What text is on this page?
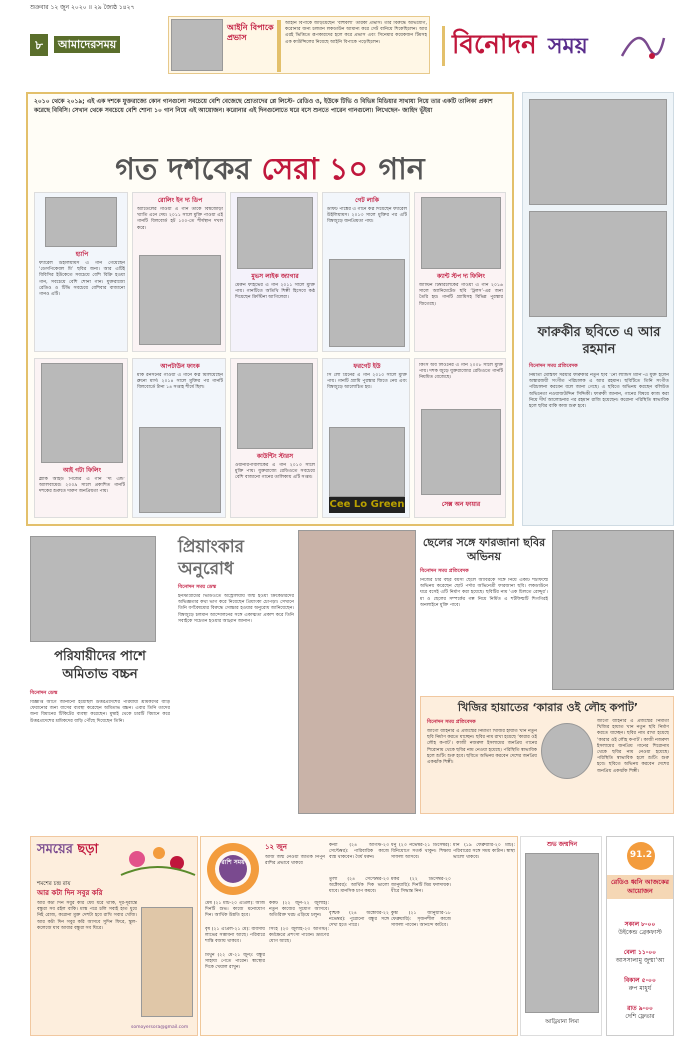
শুক্রবার ১২ জুন ২০২০ ॥ ২৯ জ্যৈষ্ঠ ১৪২৭
৮	আমাদেরসময়
আইনি বিপাকে প্রভাস
আইনি বিপাকে জড়িয়েছেন ‘বাহুবলী’ তারকা প্রভাস। তার বিরুদ্ধে অভিযোগ, করোনার জন্য চলমান লকডাউন আমান্য করে সেট বানিয়ে শিকেছিলেন। আর এরই ভিত্তিতে রূপকারদের হলে করে প্রভাস এবং সিনেমার কয়েকজন টিমসহ এক কাউন্সিলের নিয়েছে আইনি বিপাকে পড়েছিলেন।	বিনোদন সময়
২০১০ থেকে ২০১৯; এই এক দশকে যুক্তরাজ্যে কোন গানগুলো সবচেয়ে বেশি বেজেছে শ্রোতাদের প্লে লিস্টে- রেডিও ও, ইউকে টিভি ও বিভিন্ন মিডিয়ার সাথায্য নিয়ে তার একটি তালিকা প্রকাশ করেছে বিবিসি। সেখান থেকে সবচেয়ে বেশি শোনা ১০ গান নিয়ে এই আয়োজন। করোনার এই দিনগুলোতে ঘরে বসে শুনতে পারেন গানগুলো। লিখেছেন- জাহিদ ভূঁইয়া
গত দশকের সেরা ১০ গান
হ্যাপি
ফ্যারেল উইলিয়ামস এ গান গেয়েছেন ‘ডেসপিকেবল মি’ ছবির জন্য। আর এটিই বিবিসির ইউকেতে সবচেয়ে বেশি বিক্রি হওয়া গান, সবচেয়ে বেশি শোনা গান। যুক্তরাজ্যে রেডিও ও টিভি সবচেয়ে বেশিবার বাজানো গানও এটি।
রোলিং ইন দ্য ডিপ
অ্যাডেলের গাওয়া এ গান তাকে বিশ্বজোড়া খ্যাতি এনে দেয়। ২০১১ সালে মুক্তি পাওয়া এই গানটি বিলবোর্ড হট ১০০-তে শীর্ষস্থান দখল করে।
মুভস লাইক জ্যাগার
মেরুন ফাইভের এ গান ২০১১ সালে মুক্তি পায়। গানটিতে অতিথি শিল্পী হিসেবে কণ্ঠ দিয়েছেন ক্রিস্টিনা আগিলেরা।
গেট লাকি
ডাফট পাঙ্কের এ গানে কণ্ঠ দিয়েছেন ফ্যারেল উইলিয়ামস। ২০১৩ সালে মুক্তির পর এটি বিশ্বজুড়ে জনপ্রিয়তা পায়।
ক্যান্ট স্টপ দ্য ফিলিং
জাস্টিন টিম্বারলেকের গাওয়া এ গান ২০১৬ সালে অ্যানিমেটেড ছবি ‘ট্রলস’-এর জন্য তৈরি হয়। গানটি গ্র্যামিসহ বিভিন্ন পুরস্কার জিতেছে।
আই গটা ফিলিং
ব্ল্যাক আইড পিজের এ গান ‘দ্য এন্ড’ অ্যালবামের। ২০০৯ সালে প্রকাশিত গানটি দশকের শুরুতে দারুণ জনপ্রিয়তা পায়।
আপটাউন ফাংক
মার্ক রনসনের গাওয়া এ গানে কণ্ঠ মিলিয়েছেন ব্রুনো মার্স। ২০১৪ সালে মুক্তির পর গানটি বিলবোর্ডে টানা ১৪ সপ্তাহ শীর্ষে ছিল।
কাউন্টিং স্টারস
ওয়ানরিপাবলিকের এ গান ২০১৩ সালে মুক্তি পায়। যুক্তরাজ্যে রেডিওতে সবচেয়ে বেশি বাজানো গানের তালিকায় এটি সপ্তম।
ফরগেট ইউ
সি লো গ্রিনের এ গান ২০১০ সালে মুক্তি পায়। গানটি গ্র্যামি পুরস্কার জিতে নেয় এবং বিশ্বজুড়ে আলোচিত হয়।
Cee Lo Green
কিংস অব লিওনের এ গান ২০০৮ সালে মুক্তি পায়। দশক জুড়ে যুক্তরাজ্যের রেডিওতে গানটি নিয়মিত বেজেছে।
সেক্স অন ফায়ার
ফারুকীর ছবিতে এ আর রহমান
বিনোদন সময় প্রতিবেদক
নির্মাতা মোস্তফা সরয়ার ফারুকীর নতুন ছবি ‘নো ল্যান্ডস ম্যান’-এ যুক্ত হলেন অস্কারজয়ী সংগীত পরিচালক এ আর রহমান। ছবিটিতে তিনি সংগীত পরিচালনা করবেন বলে জানা গেছে। এ ছবিতে অভিনয় করছেন বলিউড অভিনেতা নওয়াজউদ্দিন সিদ্দিকী। ফারুকী জানান, গানের বিষয়ে কাজ করা নিয়ে দীর্ঘ আলোচনার পর রহমান রাজি হয়েছেন। করোনা পরিস্থিতি স্বাভাবিক হলে ছবির বাকি কাজ শুরু হবে।
পরিযায়ীদের পাশে অমিতাভ বচ্চন
বিনোদন ডেস্ক
বিজ্ঞপ্তি আগে জানানো হয়েছিল উত্তরপ্রদেশের পরিযায়ী শ্রমিকদের বাড়ি ফেরানোর জন্য বাসের ব্যবস্থা করেছেন অমিতাভ বচ্চন। এবার তিনি তাদের জন্য বিমানের টিকিটের ব্যবস্থা করেছেন। মুম্বাই থেকে চারটি বিমানে করে উত্তরপ্রদেশের শ্রমিকদের বাড়ি পৌঁছে দিয়েছেন তিনি।
প্রিয়াংকার অনুরোধ
বিনোদন সময় ডেস্ক
ইনস্টাগ্রামের ভিডিওতে অস্ট্রেলিয়ায় জন্ম হওয়া ক্রিকেটারদের অভিজ্ঞতার কথা ভাগ করে নিয়েছেন প্রিয়াংকা চোপড়া। সেখানে তিনি বর্ণবৈষম্যের বিরুদ্ধে সোচ্চার হওয়ার অনুরোধ জানিয়েছেন। বিশ্বজুড়ে চলমান আন্দোলনের সঙ্গে একাত্মতা প্রকাশ করে তিনি সবাইকে সচেতন হওয়ার আহ্বান জানান।
ছেলের সঙ্গে ফারজানা ছবির অভিনয়
বিনোদন সময় প্রতিবেদক
নিজের চার বছর বয়সী ছেলে আবিরকে সঙ্গে নিয়ে একটি শর্টফিল্মে অভিনয় করেছেন ছোট পর্দার অভিনেত্রী ফারজানা ছবি। লকডাউনে ঘরে বসেই এটি নির্মাণ করা হয়েছে। ছবিটির নাম ‘এক চিলতে রোদ্দুর’। মা ও ছেলের সম্পর্কের গল্প নিয়ে নির্মিত এ শর্টফিল্মটি শিগগিরই অনলাইনে মুক্তি পাবে।
খিজির হায়াতের ‘কারার ওই লৌহ কপাট’
বিনোদন সময় প্রতিবেদক
জাগো বাহিনীর এ প্রজন্মের নির্মাতা খিজির হায়াত খান নতুন ছবি নির্মাণ করতে যাচ্ছেন। ছবির নাম রাখা হয়েছে ‘কারার ওই লৌহ কপাট’। কাজী নজরুল ইসলামের জনপ্রিয় গানের শিরোনাম থেকে ছবির নাম নেওয়া হয়েছে। পরিস্থিতি স্বাভাবিক হলে শুটিং শুরু হবে। ছবিতে অভিনয় করবেন দেশের জনপ্রিয় একঝাঁক শিল্পী।
জাগো বাহিনীর এ প্রজন্মের নির্মাতা খিজির হায়াত খান নতুন ছবি নির্মাণ করতে যাচ্ছেন। ছবির নাম রাখা হয়েছে ‘কারার ওই লৌহ কপাট’। কাজী নজরুল ইসলামের জনপ্রিয় গানের শিরোনাম থেকে ছবির নাম নেওয়া হয়েছে। পরিস্থিতি স্বাভাবিক হলে শুটিং শুরু হবে। ছবিতে অভিনয় করবেন দেশের জনপ্রিয় একঝাঁক শিল্পী।
সময়ের ছড়া
শমশের চন্দ্র রায়
আর কটা দিন সবুর করি
আর কটা দিন সবুর করি ধৈর্য ধরে থাকি, দূর-দূরান্তে বন্ধুরা সব রইল বাকি। মাস্ক পরে চলি সবাই হাত ধুয়ে নিই রোজ, করোনা মুক্ত দেশটা হবে রাখি সবার খোঁজ। আর কটা দিন সবুর করি আসবে সুদিন ফিরে, স্কুল-কলেজে যাব আবার বন্ধুরা সব ঘিরে।
somoyersora@gmail.com
রাশি সময়
১২ জুন
আজ জন্ম নেওয়া জাতক নিপুন রাশির প্রভাবে থাকবে
মেষ (২১ মার্চ-২০ এপ্রিল): আজ দিনটি শুভ। কাজে মনোযোগ দিন। আর্থিক উন্নতি হবে।
বৃষ (২১ এপ্রিল-২১ মে): ব্যবসায় লাভের সম্ভাবনা আছে। পরিবারে শান্তি বজায় থাকবে।
মিথুন (২২ মে-২১ জুন): বন্ধুর সাহায্য পেতে পারেন। স্বাস্থ্যের দিকে খেয়াল রাখুন।
কর্কট (২২ জুন-২২ জুলাই): নতুন কাজের সুযোগ আসবে। অতিরিক্ত খরচ এড়িয়ে চলুন।
সিংহ (২৩ জুলাই-২৩ আগস্ট): কর্মক্ষেত্রে প্রশংসা পাবেন। ভ্রমণের যোগ আছে।
কন্যা (২৪ আগস্ট-২৩ সেপ্টেম্বর): পারিবারিক কাজে ব্যস্ত থাকবেন। ধৈর্য ধরুন।
তুলা (২৪ সেপ্টেম্বর-২৩ অক্টোবর): আর্থিক দিক ভালো যাবে। মানসিক চাপ কমবে।
বৃশ্চিক (২৪ অক্টোবর-২২ নভেম্বর): পুরোনো বন্ধুর সঙ্গে দেখা হতে পারে।
ধনু (২৩ নভেম্বর-২১ ডিসেম্বর): বিনিয়োগে সতর্ক থাকুন। শিক্ষায় সাফল্য আসবে।
মকর (২২ ডিসেম্বর-২০ জানুয়ারি): দিনটি মিশ্র ফলদায়ক। ধীরে সিদ্ধান্ত নিন।
কুম্ভ (২১ জানুয়ারি-১৮ ফেব্রুয়ারি): সৃজনশীল কাজে সাফল্য পাবেন। আনন্দে কাটবে।
মীন (১৯ ফেব্রুয়ারি-২০ মার্চ): পরিবারের সঙ্গে সময় কাটান। স্বাস্থ্য ভালো থাকবে।
শুভ জন্মদিন
আড্রিয়ানা লিমা
91.2
রেডিও ধ্বনি আজকের আয়োজন
সকাল ৮-০০
উইকেন্ড ব্রেকফাস্ট
বেলা ১১-০০
আসসালামু জুম্মা’আ
বিকাল ৫-০০
রুপ মাধুর্য
রাত ৯-০০
দেশি ফ্লেভার
